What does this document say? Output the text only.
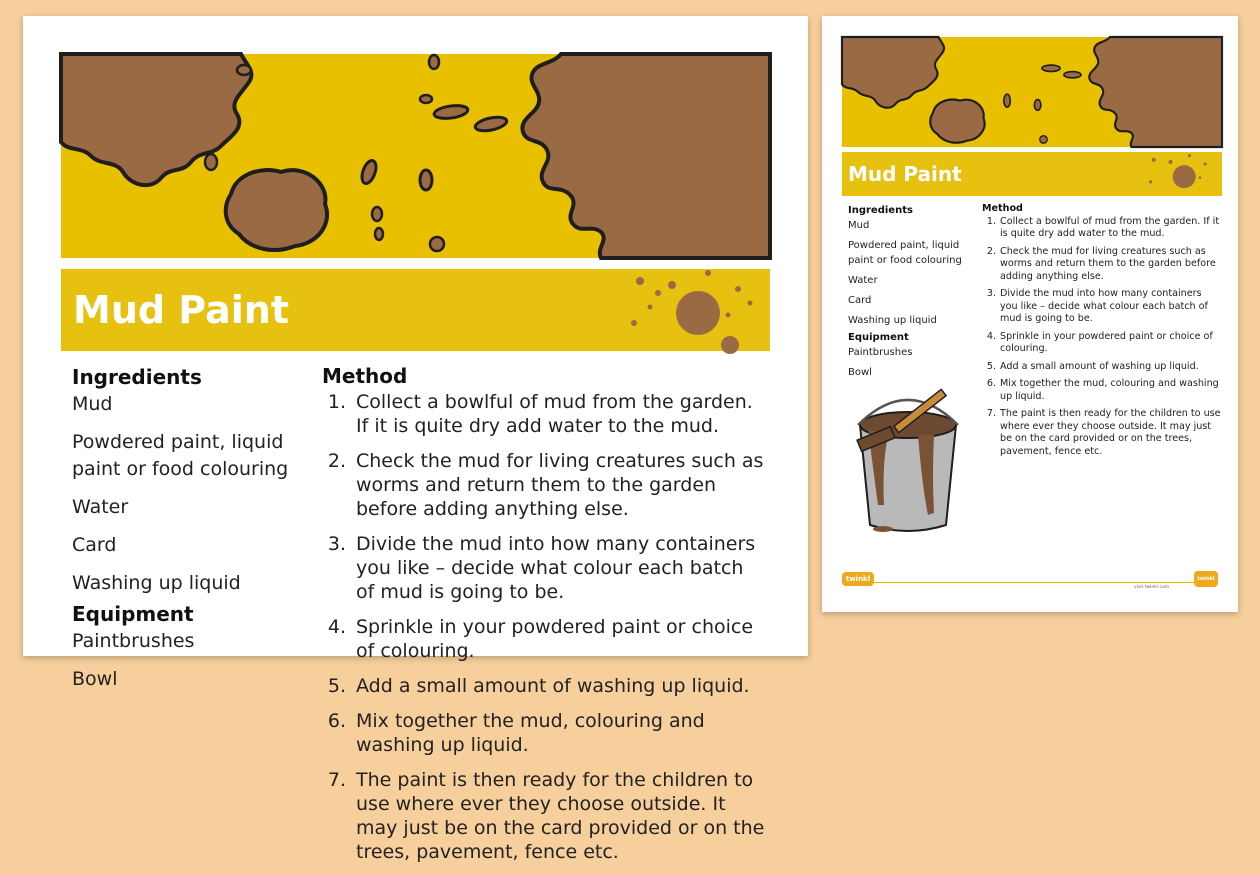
Mud Paint
Ingredients
Mud
Powdered paint, liquid paint or food colouring
Water
Card
Washing up liquid
Equipment
Paintbrushes
Bowl
Method
1. Collect a bowlful of mud from the garden. If it is quite dry add water to the mud.
2. Check the mud for living creatures such as worms and return them to the garden before adding anything else.
3. Divide the mud into how many containers you like – decide what colour each batch of mud is going to be.
4. Sprinkle in your powdered paint or choice of colouring.
5. Add a small amount of washing up liquid.
6. Mix together the mud, colouring and washing up liquid.
7. The paint is then ready for the children to use where ever they choose outside. It may just be on the card provided or on the trees, pavement, fence etc.
Mud Paint
Ingredients
Mud
Powdered paint, liquid paint or food colouring
Water
Card
Washing up liquid
Equipment
Paintbrushes
Bowl
Method
1. Collect a bowlful of mud from the garden. If it is quite dry add water to the mud.
2. Check the mud for living creatures such as worms and return them to the garden before adding anything else.
3. Divide the mud into how many containers you like – decide what colour each batch of mud is going to be.
4. Sprinkle in your powdered paint or choice of colouring.
5. Add a small amount of washing up liquid.
6. Mix together the mud, colouring and washing up liquid.
7. The paint is then ready for the children to use where ever they choose outside. It may just be on the card provided or on the trees, pavement, fence etc.
twinkl
visit twinkl.com
twinkl
